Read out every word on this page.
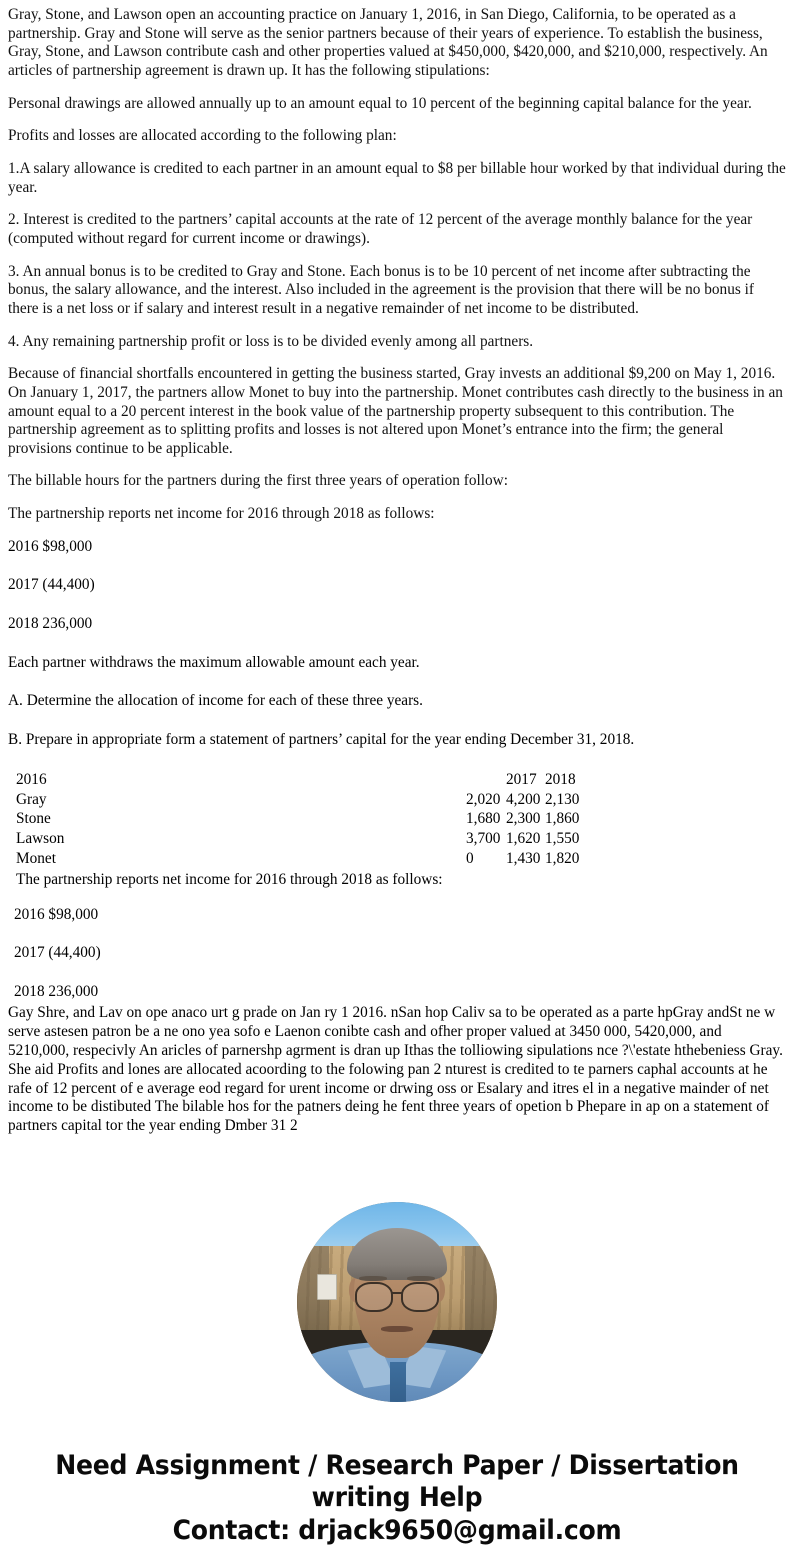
Gray, Stone, and Lawson open an accounting practice on January 1, 2016, in San Diego, California, to be operated as a partnership. Gray and Stone will serve as the senior partners because of their years of experience. To establish the business, Gray, Stone, and Lawson contribute cash and other properties valued at $450,000, $420,000, and $210,000, respectively. An articles of partnership agreement is drawn up. It has the following stipulations:

Personal drawings are allowed annually up to an amount equal to 10 percent of the beginning capital balance for the year.

Profits and losses are allocated according to the following plan:

1.A salary allowance is credited to each partner in an amount equal to $8 per billable hour worked by that individual during the year.

2. Interest is credited to the partners’ capital accounts at the rate of 12 percent of the average monthly balance for the year (computed without regard for current income or drawings).

3. An annual bonus is to be credited to Gray and Stone. Each bonus is to be 10 percent of net income after subtracting the bonus, the salary allowance, and the interest. Also included in the agreement is the provision that there will be no bonus if there is a net loss or if salary and interest result in a negative remainder of net income to be distributed.

4. Any remaining partnership profit or loss is to be divided evenly among all partners.

Because of financial shortfalls encountered in getting the business started, Gray invests an additional $9,200 on May 1, 2016. On January 1, 2017, the partners allow Monet to buy into the partnership. Monet contributes cash directly to the business in an amount equal to a 20 percent interest in the book value of the partnership property subsequent to this contribution. The partnership agreement as to splitting profits and losses is not altered upon Monet’s entrance into the firm; the general provisions continue to be applicable.

The billable hours for the partners during the first three years of operation follow:

The partnership reports net income for 2016 through 2018 as follows:

2016 $98,000

2017 (44,400)

2018 236,000

Each partner withdraws the maximum allowable amount each year.

A. Determine the allocation of income for each of these three years.

B. Prepare in appropriate form a statement of partners’ capital for the year ending December 31, 2018.

2016	2017 2018
Gray	2,020 4,200 2,130
Stone	1,680 2,300 1,860
Lawson	3,700 1,620 1,550
Monet	0	1,430 1,820

The partnership reports net income for 2016 through 2018 as follows:

2016 $98,000

2017 (44,400)

2018 236,000

Gay Shre, and Lav on ope anaco urt g prade on Jan ry 1 2016. nSan hop Caliv sa to be operated as a parte hpGray andSt ne w serve astesen patron be a ne ono yea sofo e Laenon conibte cash and ofher proper valued at 3450 000, 5420,000, and 5210,000, respecivly An aricles of parnershp agrment is dran up Ithas the tolliowing sipulations nce ?\'estate hthebeniess Gray. She aid Profits and lones are allocated acoording to the folowing pan 2 nturest is credited to te parners caphal accounts at he rafe of 12 percent of e average eod regard for urent income or drwing oss or Esalary and itres el in a negative mainder of net income to be distibuted The bilable hos for the patners deing he fent three years of opetion b Phepare in ap on a statement of partners capital tor the year ending Dmber 31 2

Need Assignment / Research Paper / Dissertation
writing Help
Contact: drjack9650@gmail.com
